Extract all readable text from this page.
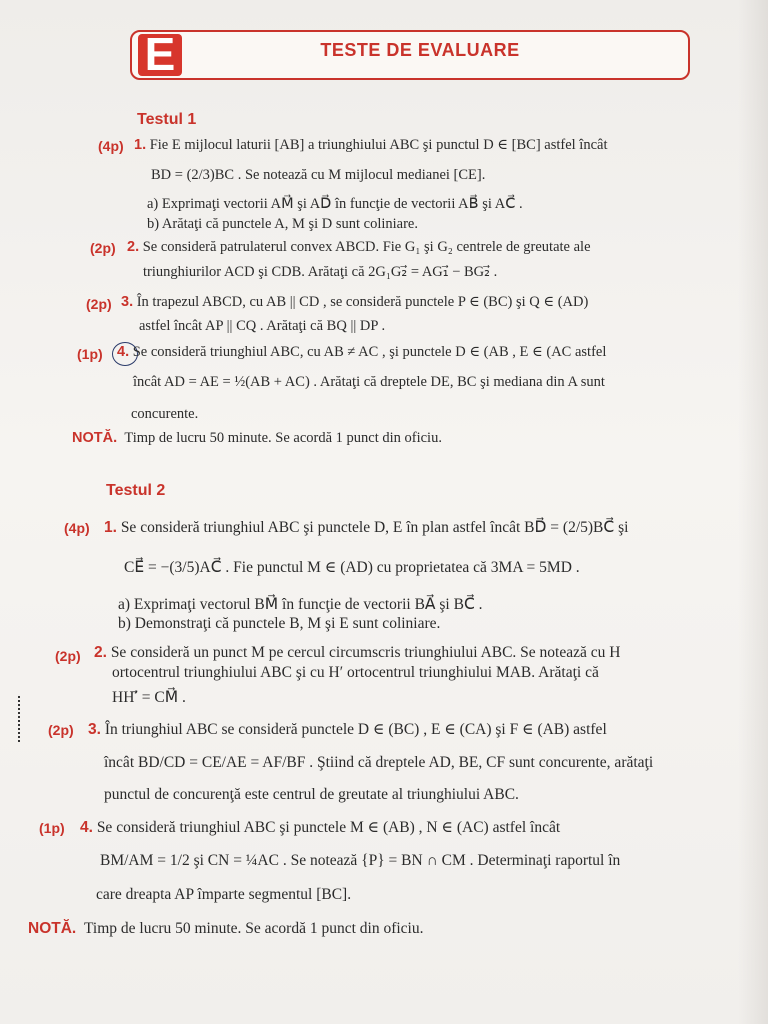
E	TESTE DE EVALUARE
Testul 1
(4p) 1. Fie E mijlocul laturii [AB] a triunghiului ABC şi punctul D ∈ [BC] astfel încât
BD = (2/3)BC . Se notează cu M mijlocul medianei [CE].
a) Exprimaţi vectorii AM⃗ şi AD⃗ în funcţie de vectorii AB⃗ şi AC⃗ .
b) Arătaţi că punctele A, M şi D sunt coliniare.
(2p) 2. Se consideră patrulaterul convex ABCD. Fie G₁ şi G₂ centrele de greutate ale
triunghiurilor ACD şi CDB. Arătaţi că 2G₁G₂⃗ = AG₁⃗ − BG₂⃗ .
(2p) 3. În trapezul ABCD, cu AB || CD , se consideră punctele P ∈ (BC) şi Q ∈ (AD)
astfel încât AP || CQ . Arătaţi că BQ || DP .
(1p) 4. Se consideră triunghiul ABC, cu AB ≠ AC , şi punctele D ∈ (AB , E ∈ (AC astfel
încât AD = AE = ½(AB + AC) . Arătaţi că dreptele DE, BC şi mediana din A sunt
concurente.
NOTĂ. Timp de lucru 50 minute. Se acordă 1 punct din oficiu.
Testul 2
(4p) 1. Se consideră triunghiul ABC şi punctele D, E în plan astfel încât BD⃗ = (2/5)BC⃗ şi
CE⃗ = −(3/5)AC⃗ . Fie punctul M ∈ (AD) cu proprietatea că 3MA = 5MD .
a) Exprimaţi vectorul BM⃗ în funcţie de vectorii BA⃗ şi BC⃗ .
b) Demonstraţi că punctele B, M şi E sunt coliniare.
(2p) 2. Se consideră un punct M pe cercul circumscris triunghiului ABC. Se notează cu H
ortocentrul triunghiului ABC şi cu H′ ortocentrul triunghiului MAB. Arătaţi că
HH′⃗ = CM⃗ .
(2p) 3. În triunghiul ABC se consideră punctele D ∈ (BC) , E ∈ (CA) şi F ∈ (AB) astfel
încât BD/CD = CE/AE = AF/BF . Ştiind că dreptele AD, BE, CF sunt concurente, arătaţi
punctul de concurenţă este centrul de greutate al triunghiului ABC.
(1p) 4. Se consideră triunghiul ABC şi punctele M ∈ (AB) , N ∈ (AC) astfel încât
BM/AM = 1/2 şi CN = ¼AC . Se notează {P} = BN ∩ CM . Determinaţi raportul în
care dreapta AP împarte segmentul [BC].
NOTĂ. Timp de lucru 50 minute. Se acordă 1 punct din oficiu.
